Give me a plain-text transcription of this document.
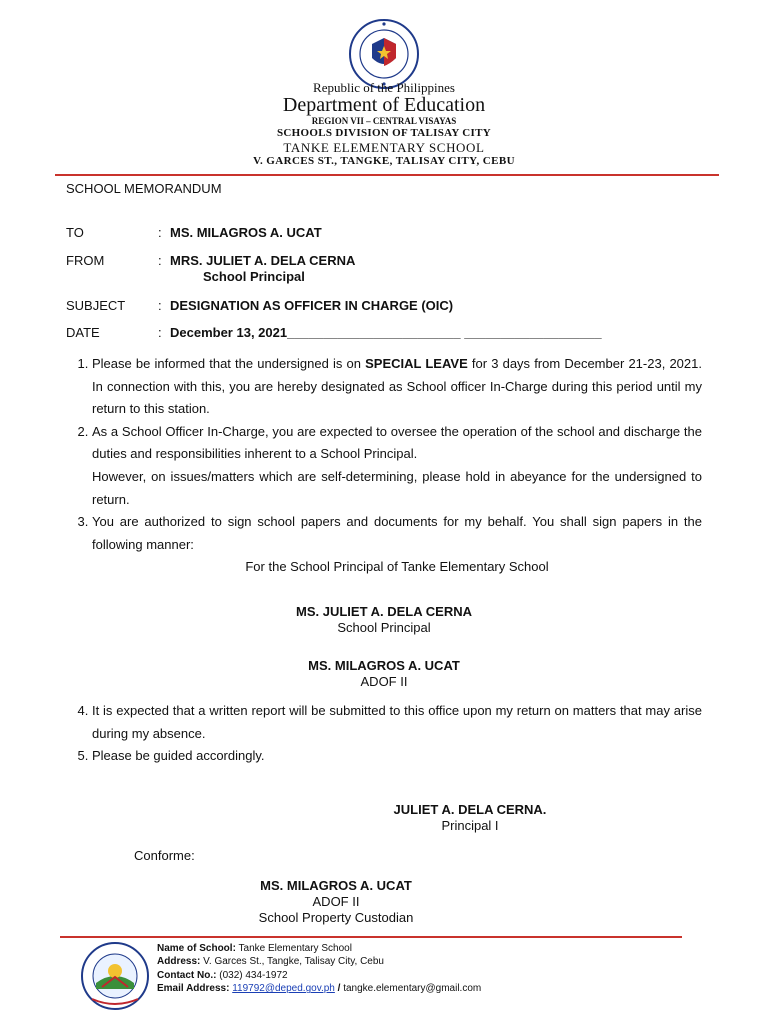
Republic of the Philippines
Department of Education
REGION VII – CENTRAL VISAYAS
SCHOOLS DIVISION OF TALISAY CITY
TANKE ELEMENTARY SCHOOL
V. GARCES ST., TANGKE, TALISAY CITY, CEBU
SCHOOL MEMORANDUM
TO	: MS. MILAGROS A. UCAT
FROM	: MRS. JULIET A. DELA CERNA
School Principal
SUBJECT	: DESIGNATION AS OFFICER IN CHARGE (OIC)
DATE	: December 13, 2021________________________ ___________________
1. Please be informed that the undersigned is on SPECIAL LEAVE for 3 days from December 21-23, 2021. In connection with this, you are hereby designated as School officer In-Charge during this period until my return to this station.
2. As a School Officer In-Charge, you are expected to oversee the operation of the school and discharge the duties and responsibilities inherent to a School Principal.
However, on issues/matters which are self-determining, please hold in abeyance for the undersigned to return.
3. You are authorized to sign school papers and documents for my behalf. You shall sign papers in the following manner:
For the School Principal of Tanke Elementary School
MS. JULIET A. DELA CERNA
School Principal
MS. MILAGROS A. UCAT
ADOF II
4. It is expected that a written report will be submitted to this office upon my return on matters that may arise during my absence.
5. Please be guided accordingly.
JULIET A. DELA CERNA.
Principal I
Conforme:
MS. MILAGROS A. UCAT
ADOF II
School Property Custodian
Name of School: Tanke Elementary School
Address: V. Garces St., Tangke, Talisay City, Cebu
Contact No.: (032) 434-1972
Email Address: 119792@deped.gov.ph / tangke.elementary@gmail.com
